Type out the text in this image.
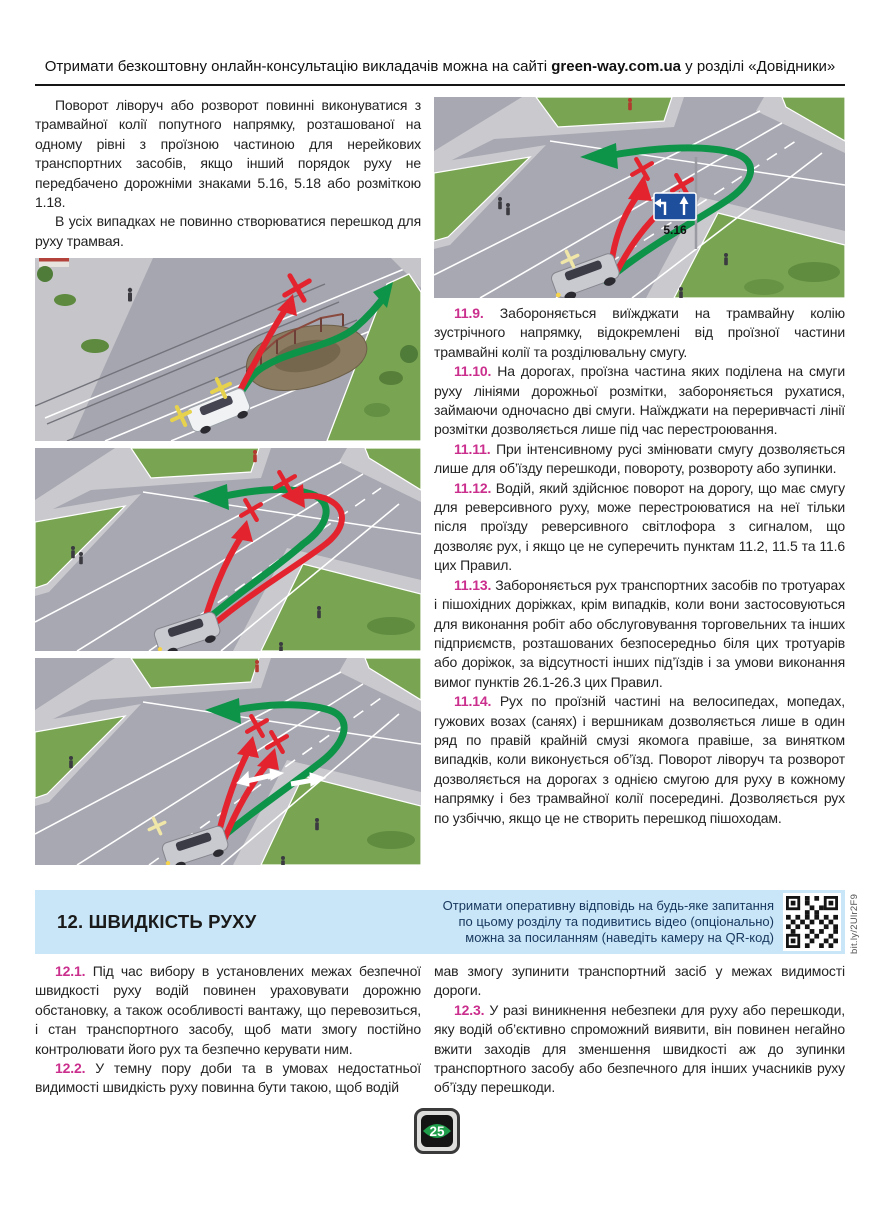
Отримати безкоштовну онлайн-консультацію викладачів можна на сайті green-way.com.ua у розділі «Довідники»

Поворот ліворуч або розворот повинні виконуватися з трамвайної колії попутного напрямку, розташованої на одному рівні з проїзною частиною для нерейкових транспортних засобів, якщо інший порядок руху не передбачено дорожніми знаками 5.16, 5.18 або розміткою 1.18.

В усіх випадках не повинно створюватися перешкод для руху трамвая.

5.16

11.9. Забороняється виїжджати на трамвайну колію зустрічного напрямку, відокремлені від проїзної частини трамвайні колії та розділювальну смугу.

11.10. На дорогах, проїзна частина яких поділена на смуги руху лініями дорожньої розмітки, забороняється рухатися, займаючи одночасно дві смуги. Наїжджати на переривчасті лінії розмітки дозволяється лише під час перестроювання.

11.11. При інтенсивному русі змінювати смугу дозволяється лише для об’їзду перешкоди, повороту, розвороту або зупинки.

11.12. Водій, який здійснює поворот на дорогу, що має смугу для реверсивного руху, може перестроюватися на неї тільки після проїзду реверсивного світлофора з сигналом, що дозволяє рух, і якщо це не суперечить пунктам 11.2, 11.5 та 11.6 цих Правил.

11.13. Забороняється рух транспортних засобів по тротуарах і пішохідних доріжках, крім випадків, коли вони застосовуються для виконання робіт або обслуговування торговельних та інших підприємств, розташованих безпосередньо біля цих тротуарів або доріжок, за відсутності інших під’їздів і за умови виконання вимог пунктів 26.1-26.3 цих Правил.

11.14. Рух по проїзній частині на велосипедах, мопедах, гужових возах (санях) і вершникам дозволяється лише в один ряд по правій крайній смузі якомога правіше, за винятком випадків, коли виконується об’їзд. Поворот ліворуч та розворот дозволяється на дорогах з однією смугою для руху в кожному напрямку і без трамвайної колії посередині. Дозволяється рух по узбіччю, якщо це не створить перешкод пішоходам.

12. ШВИДКІСТЬ РУХУ
Отримати оперативну відповідь на будь-яке запитання
по цьому розділу та подивитись відео (опціонально)
можна за посиланням (наведіть камеру на QR-код)	bit.ly/2Ulr2F9

12.1. Під час вибору в установлених межах безпечної швидкості руху водій повинен ураховувати дорожню обстановку, а також особливості вантажу, що перевозиться, і стан транспортного засобу, щоб мати змогу постійно контролювати його рух та безпечно керувати ним.

12.2. У темну пору доби та в умовах недостатньої видимості швидкість руху повинна бути такою, щоб водій

мав змогу зупинити транспортний засіб у межах видимості дороги.

12.3. У разі виникнення небезпеки для руху або перешкоди, яку водій об’єктивно спроможний виявити, він повинен негайно вжити заходів для зменшення швидкості аж до зупинки транспортного засобу або безпечного для інших учасників руху об’їзду перешкоди.

25
